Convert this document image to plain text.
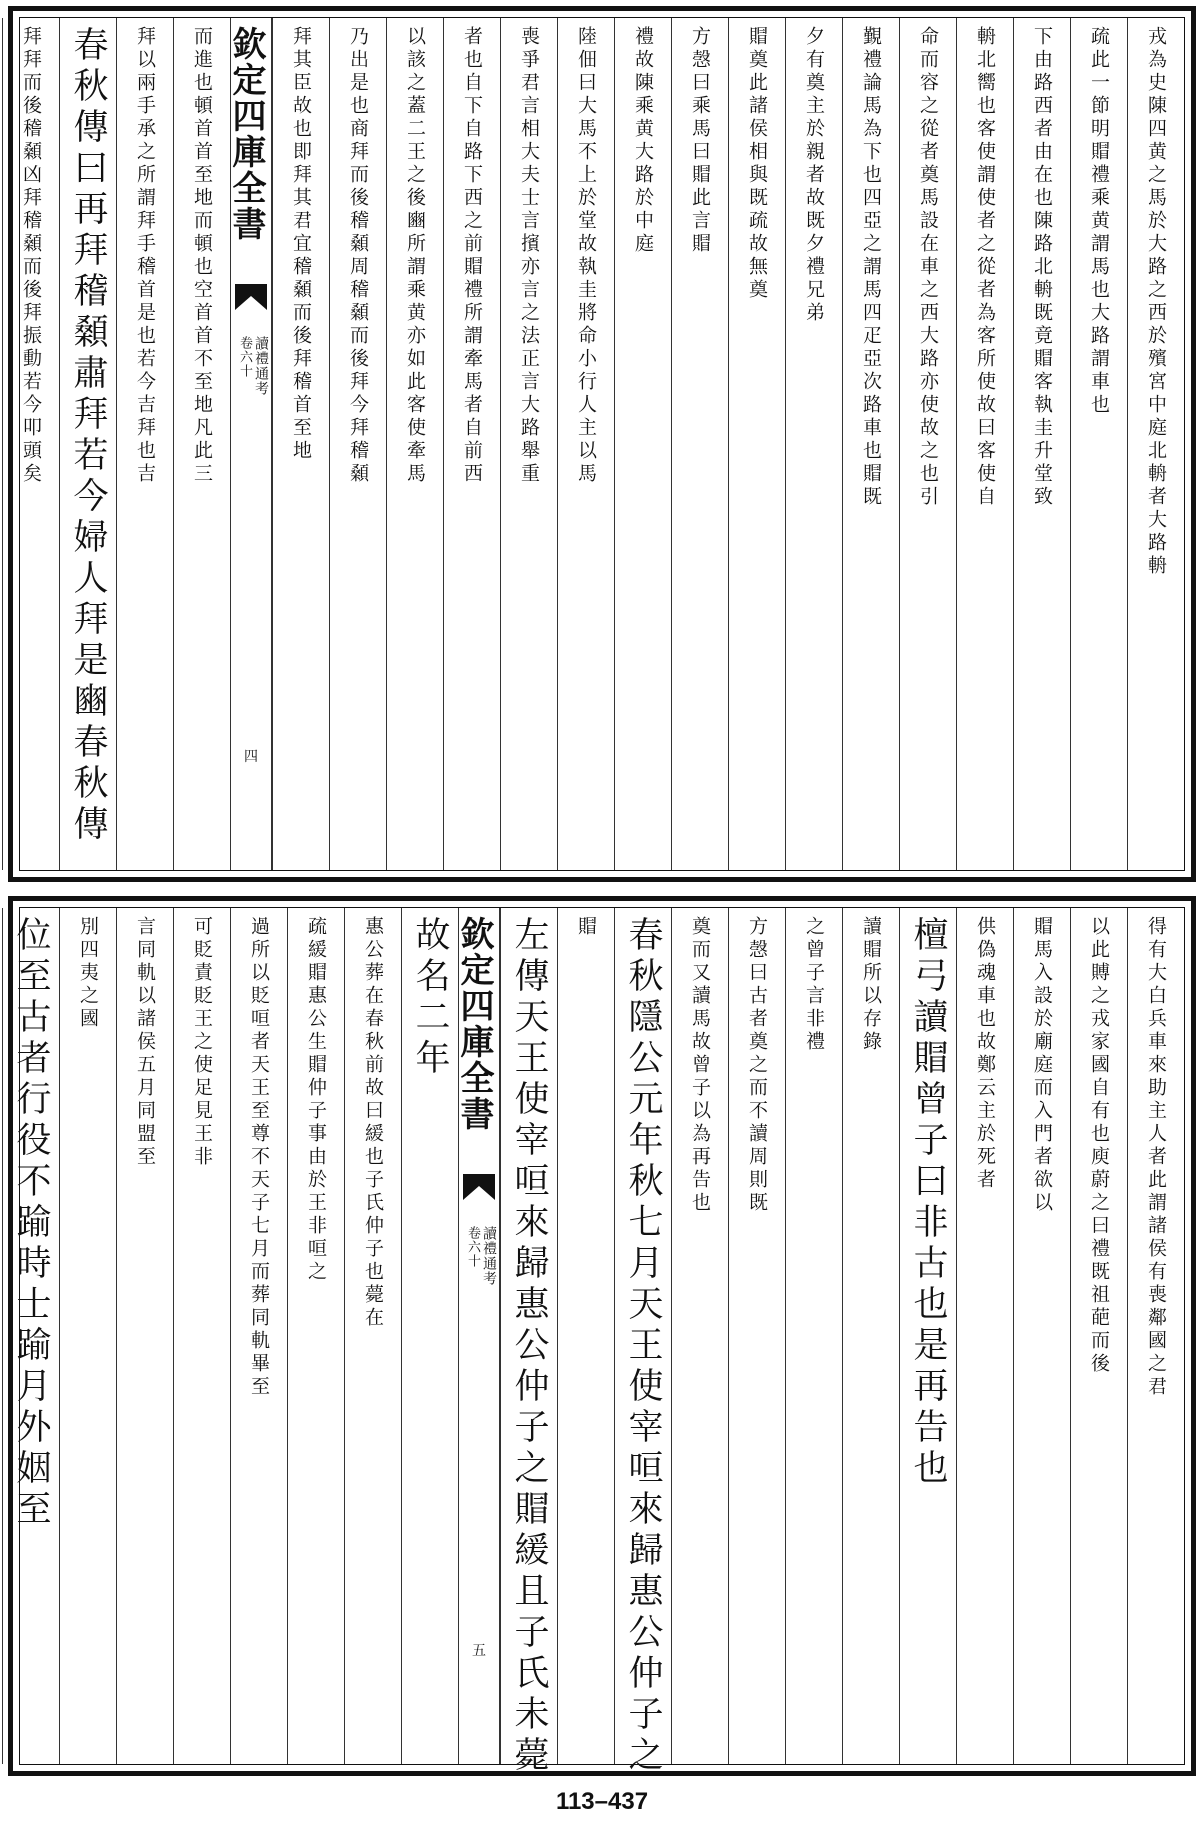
戎為史陳四黄之馬於大路之西於殯宮中庭北輈者大路輈
疏此一節明賵禮乘黄謂馬也大路謂車也
下由路西者由在也陳路北輈既竟賵客執圭升堂致
輈北嚮也客使謂使者之從者為客所使故曰客使自
命而容之從者奠馬設在車之西大路亦使故之也引
覲禮論馬為下也四亞之謂馬四疋亞次路車也賵既
夕有奠主於親者故既夕禮兄弟
賵奠此諸侯相與既疏故無奠
方愨曰乘馬曰賵此言賵
禮故陳乘黄大路於中庭
陸佃曰大馬不上於堂故執圭將命小行人主以馬
喪爭君言相大夫士言擯亦言之法正言大路舉重
者也自下自路下西之前賵禮所謂牽馬者自前西
以該之蓋二王之後豳所謂乘黄亦如此客使牽馬
乃出是也商拜而後稽顙周稽顙而後拜今拜稽顙
拜其臣故也即拜其君宜稽顙而後拜稽首至地
欽定四庫全書
讀禮通考
卷六十
四
而進也頓首首至地而頓也空首首不至地凡此三
拜以兩手承之所謂拜手稽首是也若今吉拜也吉
春秋傳曰再拜稽顙肅拜若今婦人拜是豳春秋傳
拜拜而後稽顙凶拜稽顙而後拜振動若今叩頭矣
得有大白兵車來助主人者此謂諸侯有喪鄰國之君
以此賻之戎家國自有也庾蔚之曰禮既祖葩而後
賵馬入設於廟庭而入門者欲以
供偽魂車也故鄭云主於死者
檀弓讀賵曾子曰非古也是再告也
讀賵所以存錄
之曾子言非禮
方愨曰古者奠之而不讀周則既
奠而又讀馬故曾子以為再告也
春秋隱公元年秋七月天王使宰咺來歸惠公仲子之
賵
左傳天王使宰咺來歸惠公仲子之賵緩且子氏未薨
欽定四庫全書
讀禮通考
卷六十
五
故名二年
惠公葬在春秋前故曰緩也子氏仲子也薨在
疏緩賵惠公生賵仲子事由於王非咺之
過所以貶咺者天王至尊不天子七月而葬同軌畢至
可貶責貶王之使足見王非
言同軌以諸侯五月同盟至
別四夷之國
位至古者行役不踰時士踰月外姻至
113–437
